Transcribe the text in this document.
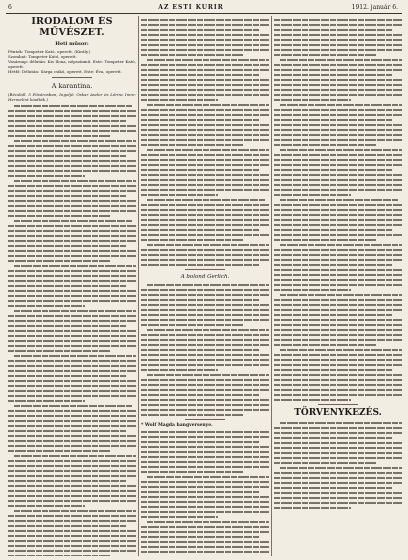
6	AZ ESTI KURIR	1912. január 6.
IRODALOM ÉS MŰVÉSZET.
Heti műsor:
Péntek: Tompeter Kató, operett. (Király.)
Szombat: Tompeter Kató, operett.
Vasárnap: délután: Kis Ilona, népszínmű. Este: Tompeter Kató, operett.
Hétfő: Délután: Sárga csikó, operett. Este: Éva, operett.
A karantina.
(Bécsből. 5 Fővárosban, Ingoljé: Oskar Andor és Lőrinc Imre: Hermelint kiadták.)
A bolond Gerlich.
* Wolf Magda hangversenye.
TÖRVENYKEZÉS.
